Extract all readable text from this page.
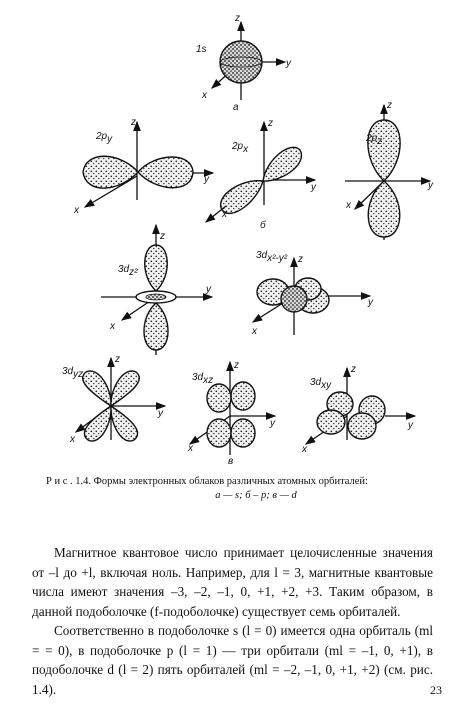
z
y
x
1s
а
z
y
x
2py
z
y
x
2px
б
z
y
x
2pz
z
y
x
3dz²
z
y
x
3dx²-y²
z
y
x
3dyz
z
y
x
3dxz
в
z
y
x
3dxy
Р и с . 1.4. Формы электронных облаков различных атомных орбиталей:
а — s; б – р; в — d

Магнитное квантовое число принимает целочисленные значения от –l до +l, включая ноль. Например, для l = 3, магнитные квантовые числа имеют значения –3, –2, –1, 0, +1, +2, +3. Таким образом, в данной подоболочке (f-подоболочке) существует семь орбиталей.

Соответственно в подоболочке s (l = 0) имеется одна орбиталь (ml = = 0), в подоболочке p (l = 1) — три орбитали (ml = –1, 0, +1), в подоболочке d (l = 2) пять орбиталей (ml = –2, –1, 0, +1, +2) (см. рис. 1.4).	23
